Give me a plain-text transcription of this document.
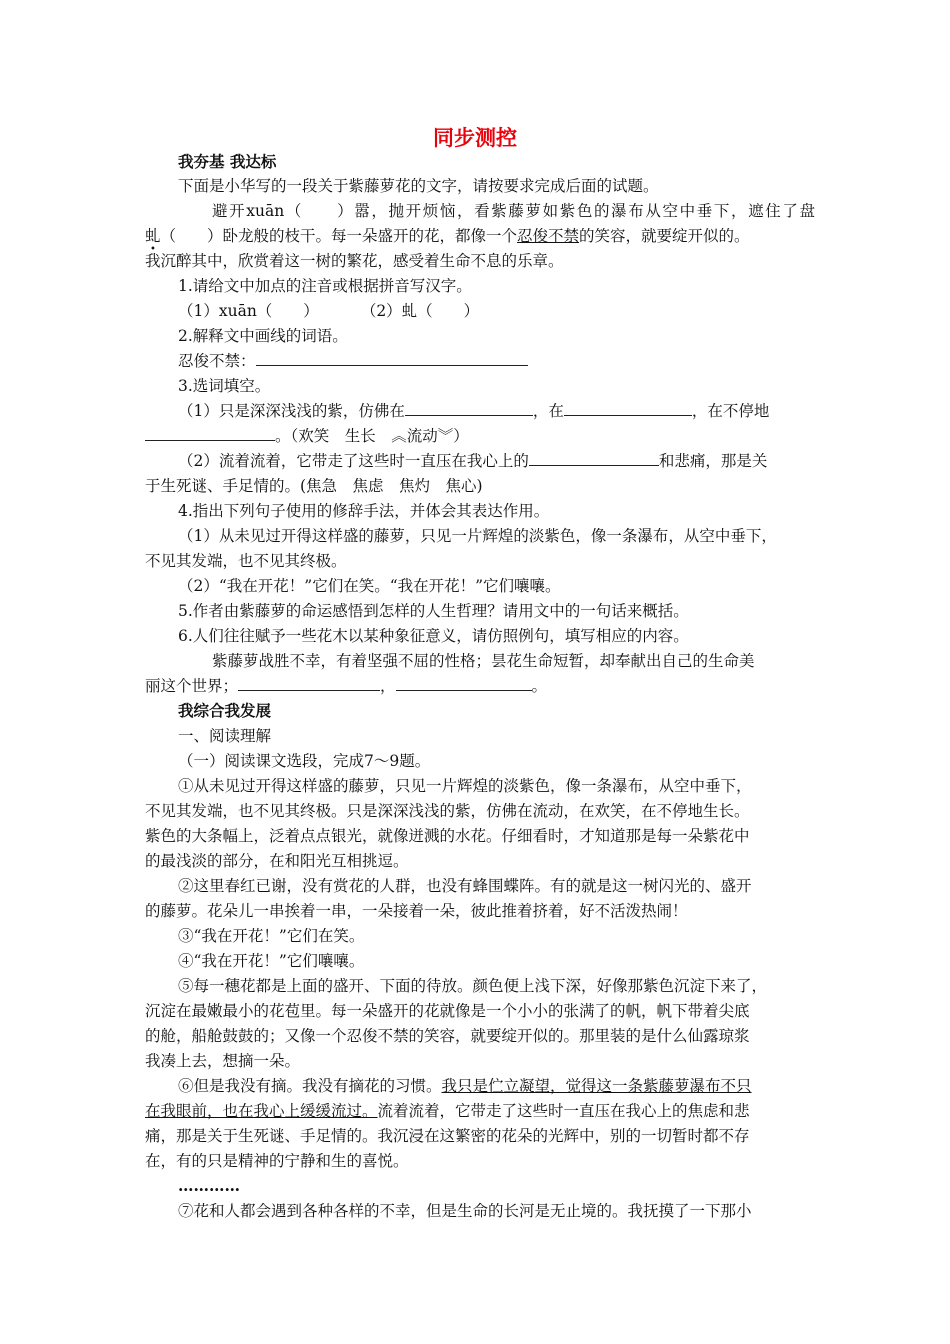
同步测控
我夯基 我达标
下面是小华写的一段关于紫藤萝花的文字，请按要求完成后面的试题。
避开xuān（　　）嚣，抛开烦恼，看紫藤萝如紫色的瀑布从空中垂下，遮住了盘
虬（　　）卧龙般的枝干。每一朵盛开的花，都像一个忍俊不禁的笑容，就要绽开似的。
我沉醉其中，欣赏着这一树的繁花，感受着生命不息的乐章。
1.请给文中加点的注音或根据拼音写汉字。
（1）xuān（　　）	（2）虬（　　）
2.解释文中画线的词语。
忍俊不禁：
3.选词填空。
（1）只是深深浅浅的紫，仿佛在	，在	，在不停地
。（欢笑　生长　︽流动︾）
（2）流着流着，它带走了这些时一直压在我心上的	和悲痛，那是关
于生死谜、手足情的。(焦急　焦虑　焦灼　焦心)
4.指出下列句子使用的修辞手法，并体会其表达作用。
（1）从未见过开得这样盛的藤萝，只见一片辉煌的淡紫色，像一条瀑布，从空中垂下，
不见其发端，也不见其终极。
（2）“我在开花！”它们在笑。“我在开花！”它们嚷嚷。
5.作者由紫藤萝的命运感悟到怎样的人生哲理？请用文中的一句话来概括。
6.人们往往赋予一些花木以某种象征意义，请仿照例句，填写相应的内容。
紫藤萝战胜不幸，有着坚强不屈的性格；昙花生命短暂，却奉献出自己的生命美
丽这个世界；	，	。
我综合我发展
一、阅读理解
（一）阅读课文选段，完成7～9题。
①从未见过开得这样盛的藤萝，只见一片辉煌的淡紫色，像一条瀑布，从空中垂下，
不见其发端，也不见其终极。只是深深浅浅的紫，仿佛在流动，在欢笑，在不停地生长。
紫色的大条幅上，泛着点点银光，就像迸溅的水花。仔细看时，才知道那是每一朵紫花中
的最浅淡的部分，在和阳光互相挑逗。
②这里春红已谢，没有赏花的人群，也没有蜂围蝶阵。有的就是这一树闪光的、盛开
的藤萝。花朵儿一串挨着一串，一朵接着一朵，彼此推着挤着，好不活泼热闹！
③“我在开花！”它们在笑。
④“我在开花！”它们嚷嚷。
⑤每一穗花都是上面的盛开、下面的待放。颜色便上浅下深，好像那紫色沉淀下来了，
沉淀在最嫩最小的花苞里。每一朵盛开的花就像是一个小小的张满了的帆，帆下带着尖底
的舱，船舱鼓鼓的；又像一个忍俊不禁的笑容，就要绽开似的。那里装的是什么仙露琼浆
我凑上去，想摘一朵。
⑥但是我没有摘。我没有摘花的习惯。我只是伫立凝望，觉得这一条紫藤萝瀑布不只
在我眼前，也在我心上缓缓流过。流着流着，它带走了这些时一直压在我心上的焦虑和悲
痛，那是关于生死谜、手足情的。我沉浸在这繁密的花朵的光辉中，别的一切暂时都不存
在，有的只是精神的宁静和生的喜悦。
…………
⑦花和人都会遇到各种各样的不幸，但是生命的长河是无止境的。我抚摸了一下那小
